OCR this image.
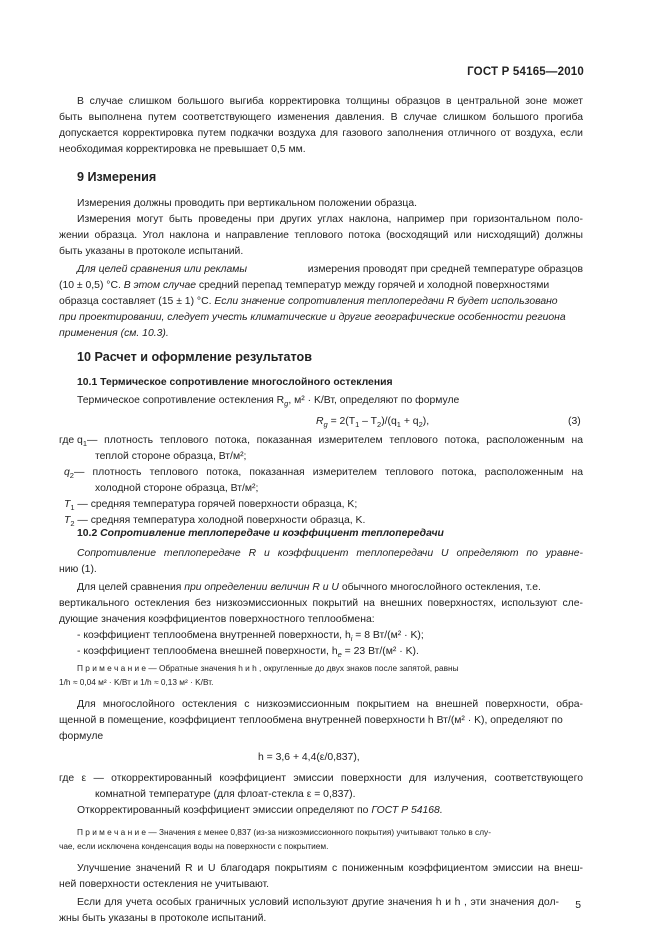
ГОСТ Р 54165—2010
В случае слишком большого выгиба корректировка толщины образцов в центральной зоне может
быть выполнена путем соответствующего изменения давления. В случае слишком большого прогиба
допускается корректировка путем подкачки воздуха для газового заполнения отличного от воздуха, если
необходимая корректировка не превышает 0,5 мм.
9 Измерения
Измерения должны проводить при вертикальном положении образца.
Измерения могут быть проведены при других углах наклона, например при горизонтальном поло-
жении образца. Угол наклона и направление теплового потока (восходящий или нисходящий) должны
быть указаны в протоколе испытаний.
Для целей сравнения или рекламы	измерения проводят при средней температуре образцов
(10 ± 0,5) °С. В этом случае средний перепад температур между горячей и холодной поверхностями
образца составляет (15 ± 1) °С. Если значение сопротивления теплопередачи R будет использовано
при проектировании, следует учесть климатические и другие географические особенности региона
применения (см. 10.3).
10 Расчет и оформление результатов
10.1 Термическое сопротивление многослойного остекления
Термическое сопротивление остекления $R_g$, м² · K/Вт, определяют по формуле
$R_g = 2(T_1 - T_2)/(q_1 + q_2)$,	(3)
где $q_1$ — плотность теплового потока, показанная измерителем теплового потока, расположенным на
теплой стороне образца, Вт/м²;
$q_2$ — плотность теплового потока, показанная измерителем теплового потока, расположенным на
холодной стороне образца, Вт/м²;
$T_1$ — средняя температура горячей поверхности образца, K;
$T_2$ — средняя температура холодной поверхности образца, K.
10.2 Сопротивление теплопередаче и коэффициент теплопередачи
Сопротивление теплопередаче R и коэффициент теплопередачи U определяют по уравне-
нию (1).
Для целей сравнения при определении величин R и U обычного многослойного остекления, т.е.
вертикального остекления без низкоэмиссионных покрытий на внешних поверхностях, используют сле-
дующие значения коэффициентов поверхностного теплообмена:
- коэффициент теплообмена внутренней поверхности, $h_i = 8$ Вт/(м² · K);
- коэффициент теплообмена внешней поверхности, $h_e = 23$ Вт/(м² · K).
П р и м е ч а н и е — Обратные значения h и h , округленные до двух знаков после запятой, равны
1/h ≈ 0,04 м² · K/Вт и 1/h ≈ 0,13 м² · K/Вт.
Для многослойного остекления с низкоэмиссионным покрытием на внешней поверхности, обра-
щенной в помещение, коэффициент теплообмена внутренней поверхности h Вт/(м² · K), определяют по
формуле
h = 3,6 + 4,4(ε/0,837),
где ε — откорректированный коэффициент эмиссии поверхности для излучения, соответствующего
комнатной температуре (для флоат-стекла ε = 0,837).
Откорректированный коэффициент эмиссии определяют по ГОСТ Р 54168.
П р и м е ч а н и е — Значения ε менее 0,837 (из-за низкоэмиссионного покрытия) учитывают только в слу-
чае, если исключена конденсация воды на поверхности с покрытием.
Улучшение значений R и U благодаря покрытиям с пониженным коэффициентом эмиссии на внеш-
ней поверхности остекления не учитывают.
Если для учета особых граничных условий используют другие значения h и h , эти значения дол-
жны быть указаны в протоколе испытаний.
5
